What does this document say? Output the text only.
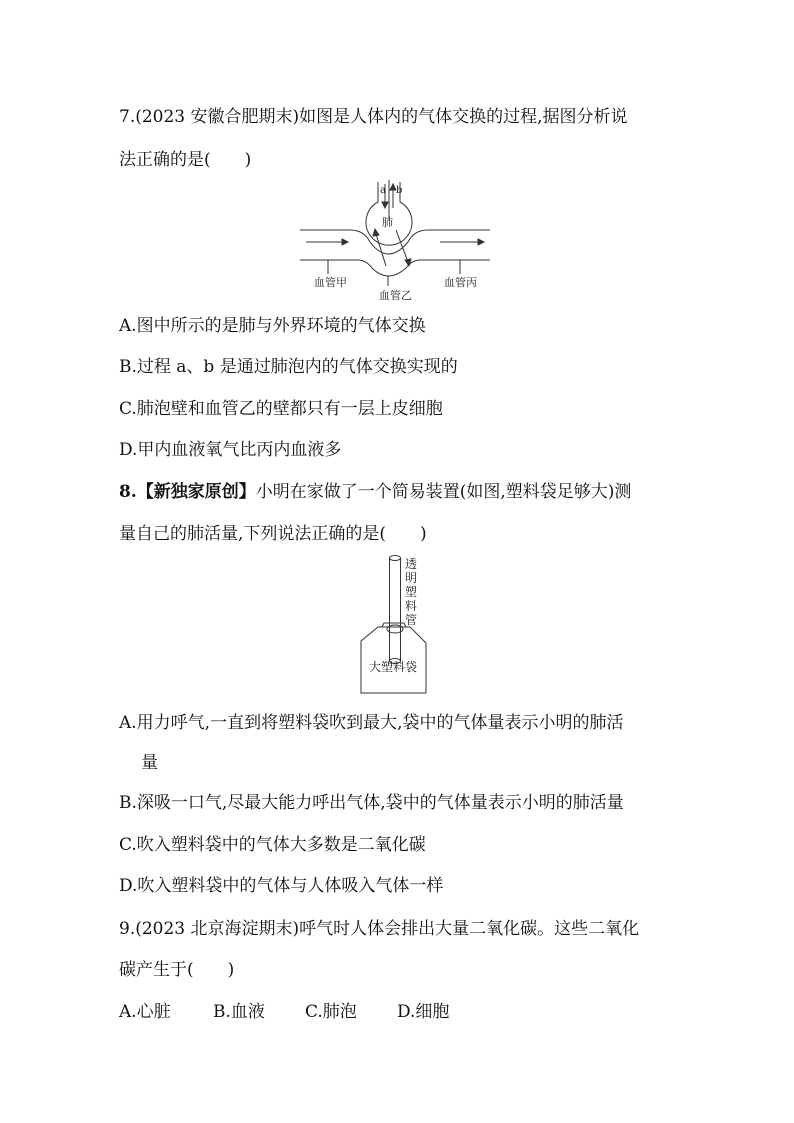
7.(2023 安徽合肥期末)如图是人体内的气体交换的过程,据图分析说
法正确的是(　　)
a b
肺
血管甲
血管乙
血管丙
A.图中所示的是肺与外界环境的气体交换
B.过程 a、b 是通过肺泡内的气体交换实现的
C.肺泡壁和血管乙的壁都只有一层上皮细胞
D.甲内血液氧气比丙内血液多
8.【新独家原创】小明在家做了一个简易装置(如图,塑料袋足够大)测
量自己的肺活量,下列说法正确的是(　　)
透
明
塑
料
管
大塑料袋
A.用力呼气,一直到将塑料袋吹到最大,袋中的气体量表示小明的肺活
量
B.深吸一口气,尽最大能力呼出气体,袋中的气体量表示小明的肺活量
C.吹入塑料袋中的气体大多数是二氧化碳
D.吹入塑料袋中的气体与人体吸入气体一样
9.(2023 北京海淀期末)呼气时人体会排出大量二氧化碳。这些二氧化
碳产生于(　　)
A.心脏 B.血液 C.肺泡 D.细胞
